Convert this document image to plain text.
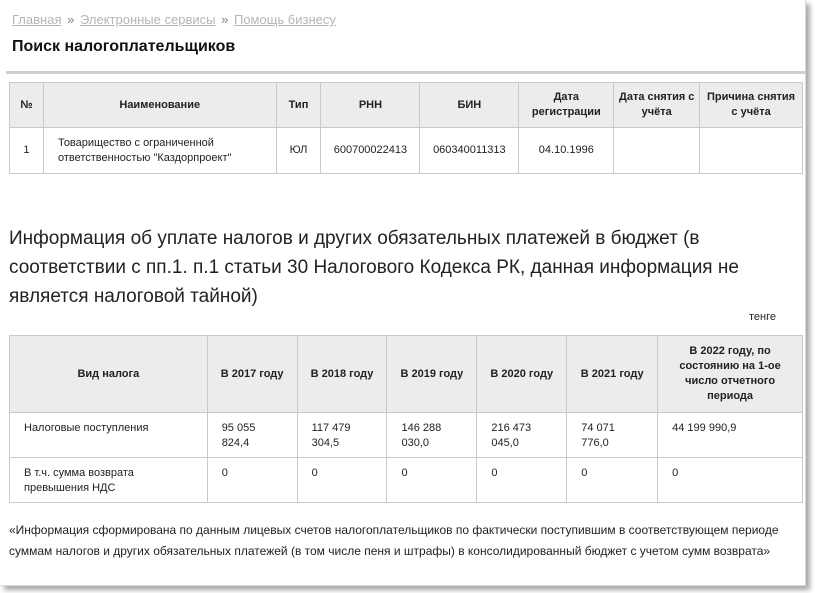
Главная » Электронные сервисы » Помощь бизнесу
Поиск налогоплательщиков
№	Наименование	Тип	РНН	БИН	Дата регистрации	Дата снятия с учёта	Причина снятия с учёта
1	Товарищество с ограниченной ответственностью "Каздорпроект"	ЮЛ	600700022413	060340011313	04.10.1996		
Информация об уплате налогов и других обязательных платежей в бюджет (в соответствии с пп.1. п.1 статьи 30 Налогового Кодекса РК, данная информация не является налоговой тайной)
тенге
Вид налога	В 2017 году	В 2018 году	В 2019 году	В 2020 году	В 2021 году	В 2022 году, по состоянию на 1-ое число отчетного периода
Налоговые поступления	95 055 824,4	117 479 304,5	146 288 030,0	216 473 045,0	74 071 776,0	44 199 990,9
В т.ч. сумма возврата превышения НДС	0	0	0	0	0	0
«Информация сформирована по данным лицевых счетов налогоплательщиков по фактически поступившим в соответствующем периоде суммам налогов и других обязательных платежей (в том числе пеня и штрафы) в консолидированный бюджет с учетом сумм возврата»
